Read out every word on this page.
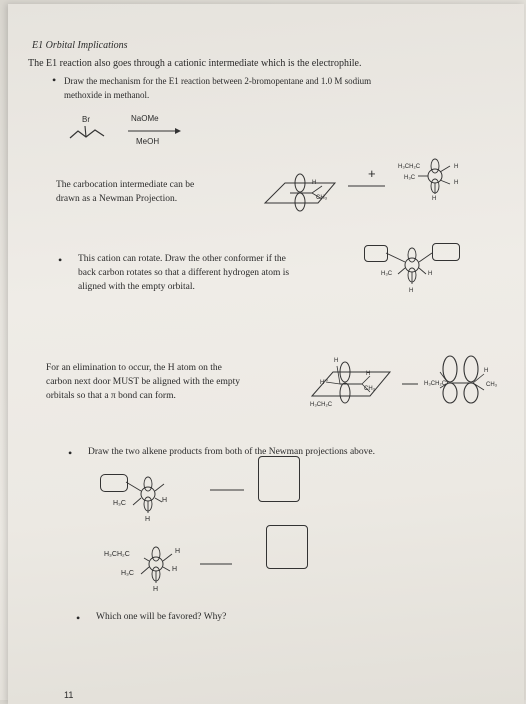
E1 Orbital Implications
The E1 reaction also goes through a cationic intermediate which is the electrophile.
• Draw the mechanism for the E1 reaction between 2-bromopentane and 1.0 M sodium
methoxide in methanol.
Br	NaOMe
MeOH
The carbocation intermediate can be
drawn as a Newman Projection.
H
CH₃
+	H₃CH₂C
H₃C
H
H
H
• This cation can rotate. Draw the other conformer if the
back carbon rotates so that a different hydrogen atom is
aligned with the empty orbital.
H₃C	H
H
For an elimination to occur, the H atom on the
carbon next door MUST be aligned with the empty
orbitals so that a π bond can form.
H
H'''
H
CH₃
H₃CH₂C
H₃CH₂C
H
CH₃
• Draw the two alkene products from both of the Newman projections above.
H₃C	H
H
H₃CH₂C
H₃C
H
H
H
• Which one will be favored? Why?
11
